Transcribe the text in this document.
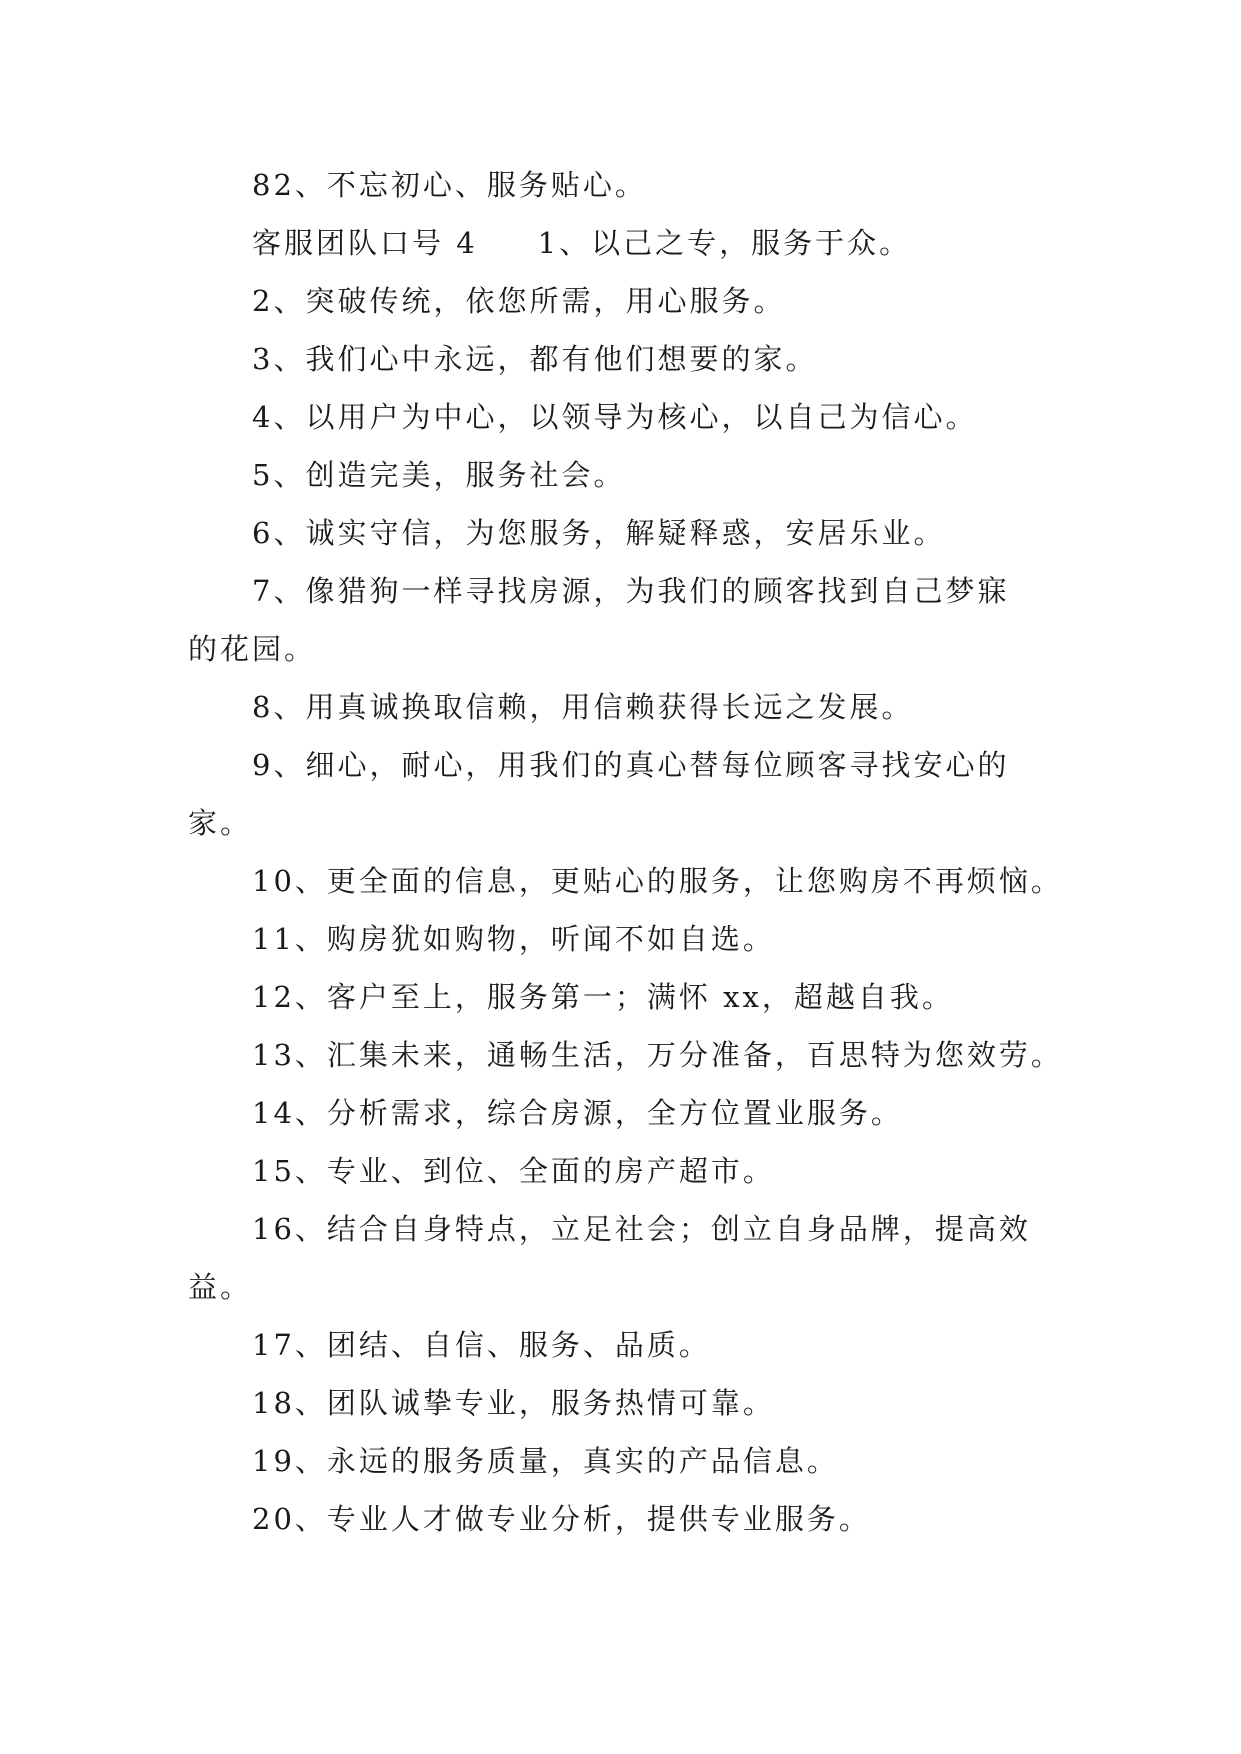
82、不忘初心、服务贴心。
客服团队口号 4 1、以己之专，服务于众。
2、突破传统，依您所需，用心服务。
3、我们心中永远，都有他们想要的家。
4、以用户为中心，以领导为核心，以自己为信心。
5、创造完美，服务社会。
6、诚实守信，为您服务，解疑释惑，安居乐业。
7、像猎狗一样寻找房源，为我们的顾客找到自己梦寐
的花园。
8、用真诚换取信赖，用信赖获得长远之发展。
9、细心，耐心，用我们的真心替每位顾客寻找安心的
家。
10、更全面的信息，更贴心的服务，让您购房不再烦恼。
11、购房犹如购物，听闻不如自选。
12、客户至上，服务第一；满怀 xx，超越自我。
13、汇集未来，通畅生活，万分准备，百思特为您效劳。
14、分析需求，综合房源，全方位置业服务。
15、专业、到位、全面的房产超市。
16、结合自身特点，立足社会；创立自身品牌，提高效
益。
17、团结、自信、服务、品质。
18、团队诚挚专业，服务热情可靠。
19、永远的服务质量，真实的产品信息。
20、专业人才做专业分析，提供专业服务。
